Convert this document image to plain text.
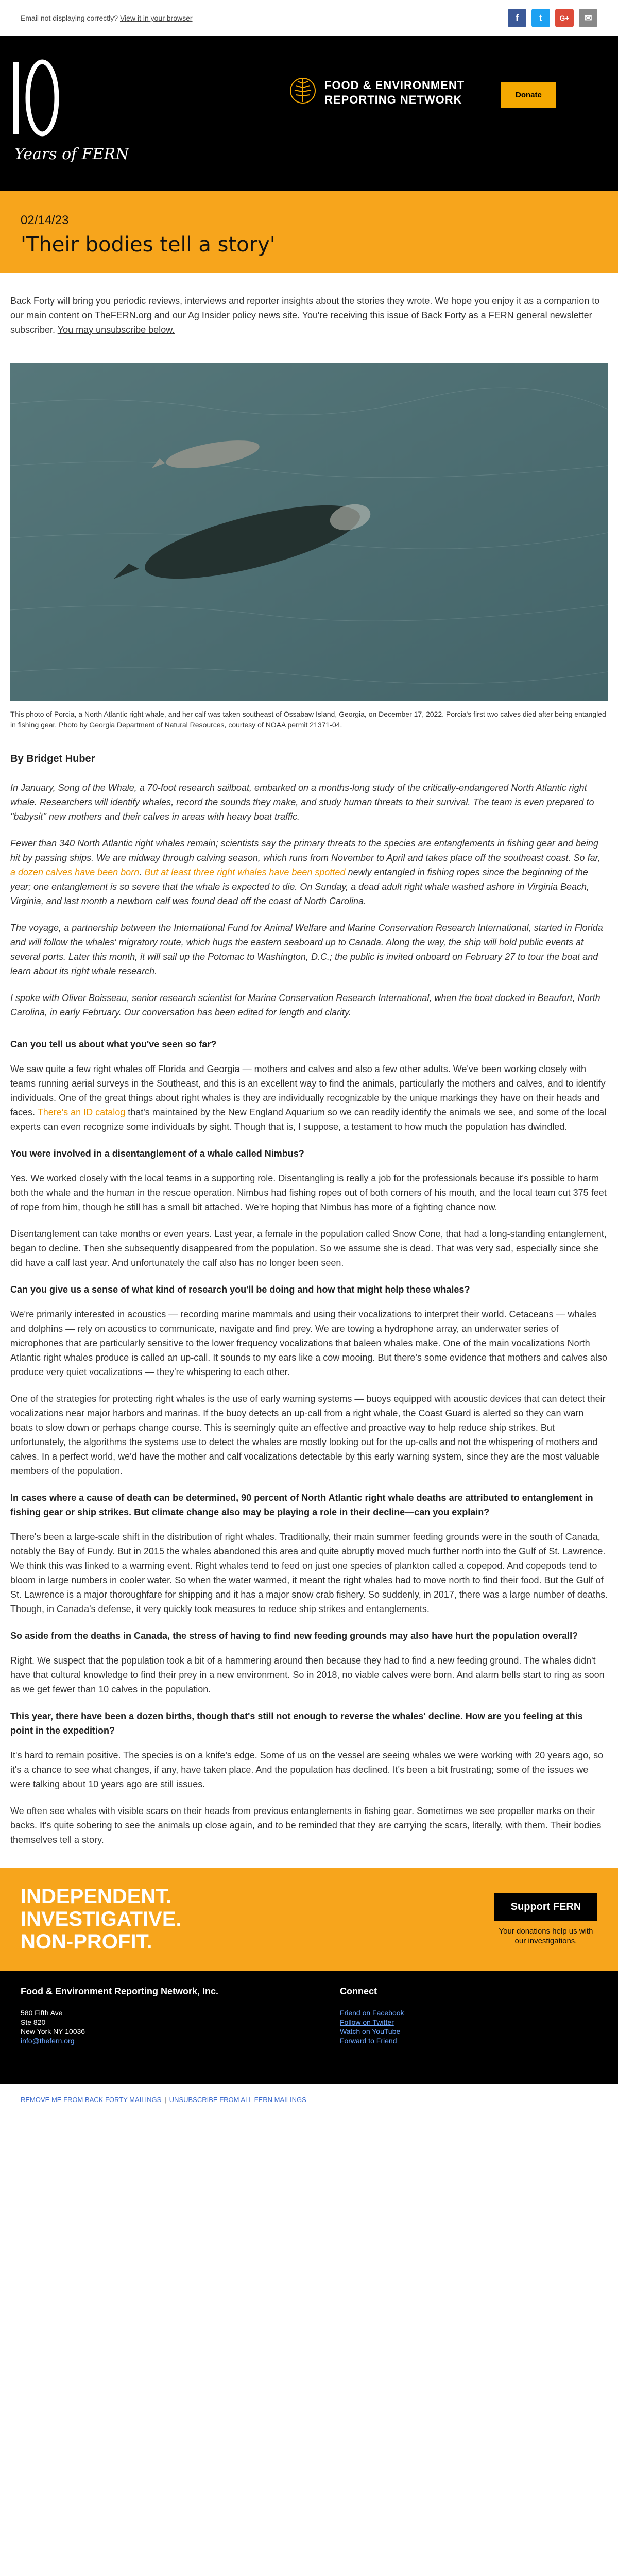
Email not displaying correctly? View it in your browser	f	t	G+	✉
Years of FERN
FOOD & ENVIRONMENT
REPORTING NETWORK	Donate
02/14/23
'Their bodies tell a story'

Back Forty will bring you periodic reviews, interviews and reporter insights about the stories they wrote. We hope you enjoy it as a companion to our main content on TheFERN.org and our Ag Insider policy news site. You're receiving this issue of Back Forty as a FERN general newsletter subscriber. You may unsubscribe below.

This photo of Porcia, a North Atlantic right whale, and her calf was taken southeast of Ossabaw Island, Georgia, on December 17, 2022. Porcia's first two calves died after being entangled in fishing gear. Photo by Georgia Department of Natural Resources, courtesy of NOAA permit 21371-04.

By Bridget Huber

In January, Song of the Whale, a 70-foot research sailboat, embarked on a months-long study of the critically-endangered North Atlantic right whale. Researchers will identify whales, record the sounds they make, and study human threats to their survival. The team is even prepared to "babysit" new mothers and their calves in areas with heavy boat traffic.

Fewer than 340 North Atlantic right whales remain; scientists say the primary threats to the species are entanglements in fishing gear and being hit by passing ships. We are midway through calving season, which runs from November to April and takes place off the southeast coast. So far, a dozen calves have been born. But at least three right whales have been spotted newly entangled in fishing ropes since the beginning of the year; one entanglement is so severe that the whale is expected to die. On Sunday, a dead adult right whale washed ashore in Virginia Beach, Virginia, and last month a newborn calf was found dead off the coast of North Carolina.

The voyage, a partnership between the International Fund for Animal Welfare and Marine Conservation Research International, started in Florida and will follow the whales' migratory route, which hugs the eastern seaboard up to Canada. Along the way, the ship will hold public events at several ports. Later this month, it will sail up the Potomac to Washington, D.C.; the public is invited onboard on February 27 to tour the boat and learn about its right whale research.

I spoke with Oliver Boisseau, senior research scientist for Marine Conservation Research International, when the boat docked in Beaufort, North Carolina, in early February. Our conversation has been edited for length and clarity.

Can you tell us about what you've seen so far?

We saw quite a few right whales off Florida and Georgia — mothers and calves and also a few other adults. We've been working closely with teams running aerial surveys in the Southeast, and this is an excellent way to find the animals, particularly the mothers and calves, and to identify individuals. One of the great things about right whales is they are individually recognizable by the unique markings they have on their heads and faces. There's an ID catalog that's maintained by the New England Aquarium so we can readily identify the animals we see, and some of the local experts can even recognize some individuals by sight. Though that is, I suppose, a testament to how much the population has dwindled.

You were involved in a disentanglement of a whale called Nimbus?

Yes. We worked closely with the local teams in a supporting role. Disentangling is really a job for the professionals because it's possible to harm both the whale and the human in the rescue operation. Nimbus had fishing ropes out of both corners of his mouth, and the local team cut 375 feet of rope from him, though he still has a small bit attached. We're hoping that Nimbus has more of a fighting chance now.

Disentanglement can take months or even years. Last year, a female in the population called Snow Cone, that had a long-standing entanglement, began to decline. Then she subsequently disappeared from the population. So we assume she is dead. That was very sad, especially since she did have a calf last year. And unfortunately the calf also has no longer been seen.

Can you give us a sense of what kind of research you'll be doing and how that might help these whales?

We're primarily interested in acoustics — recording marine mammals and using their vocalizations to interpret their world. Cetaceans — whales and dolphins — rely on acoustics to communicate, navigate and find prey. We are towing a hydrophone array, an underwater series of microphones that are particularly sensitive to the lower frequency vocalizations that baleen whales make. One of the main vocalizations North Atlantic right whales produce is called an up-call. It sounds to my ears like a cow mooing. But there's some evidence that mothers and calves also produce very quiet vocalizations — they're whispering to each other.

One of the strategies for protecting right whales is the use of early warning systems — buoys equipped with acoustic devices that can detect their vocalizations near major harbors and marinas. If the buoy detects an up-call from a right whale, the Coast Guard is alerted so they can warn boats to slow down or perhaps change course. This is seemingly quite an effective and proactive way to help reduce ship strikes. But unfortunately, the algorithms the systems use to detect the whales are mostly looking out for the up-calls and not the whispering of mothers and calves. In a perfect world, we'd have the mother and calf vocalizations detectable by this early warning system, since they are the most valuable members of the population.

In cases where a cause of death can be determined, 90 percent of North Atlantic right whale deaths are attributed to entanglement in fishing gear or ship strikes. But climate change also may be playing a role in their decline—can you explain?

There's been a large-scale shift in the distribution of right whales. Traditionally, their main summer feeding grounds were in the south of Canada, notably the Bay of Fundy. But in 2015 the whales abandoned this area and quite abruptly moved much further north into the Gulf of St. Lawrence. We think this was linked to a warming event. Right whales tend to feed on just one species of plankton called a copepod. And copepods tend to bloom in large numbers in cooler water. So when the water warmed, it meant the right whales had to move north to find their food. But the Gulf of St. Lawrence is a major thoroughfare for shipping and it has a major snow crab fishery. So suddenly, in 2017, there was a large number of deaths. Though, in Canada's defense, it very quickly took measures to reduce ship strikes and entanglements.

So aside from the deaths in Canada, the stress of having to find new feeding grounds may also have hurt the population overall?

Right. We suspect that the population took a bit of a hammering around then because they had to find a new feeding ground. The whales didn't have that cultural knowledge to find their prey in a new environment. So in 2018, no viable calves were born. And alarm bells start to ring as soon as we get fewer than 10 calves in the population.

This year, there have been a dozen births, though that's still not enough to reverse the whales' decline. How are you feeling at this point in the expedition?

It's hard to remain positive. The species is on a knife's edge. Some of us on the vessel are seeing whales we were working with 20 years ago, so it's a chance to see what changes, if any, have taken place. And the population has declined. It's been a bit frustrating; some of the issues we were talking about 10 years ago are still issues.

We often see whales with visible scars on their heads from previous entanglements in fishing gear. Sometimes we see propeller marks on their backs. It's quite sobering to see the animals up close again, and to be reminded that they are carrying the scars, literally, with them. Their bodies themselves tell a story.

INDEPENDENT.
INVESTIGATIVE.
NON-PROFIT.
Support FERN
Your donations help us with our investigations.
Food & Environment Reporting Network, Inc.
580 Fifth Ave
Ste 820
New York NY 10036
info@thefern.org
Connect
Friend on Facebook
Follow on Twitter
Watch on YouTube
Forward to Friend
REMOVE ME FROM BACK FORTY MAILINGS | UNSUBSCRIBE FROM ALL FERN MAILINGS
